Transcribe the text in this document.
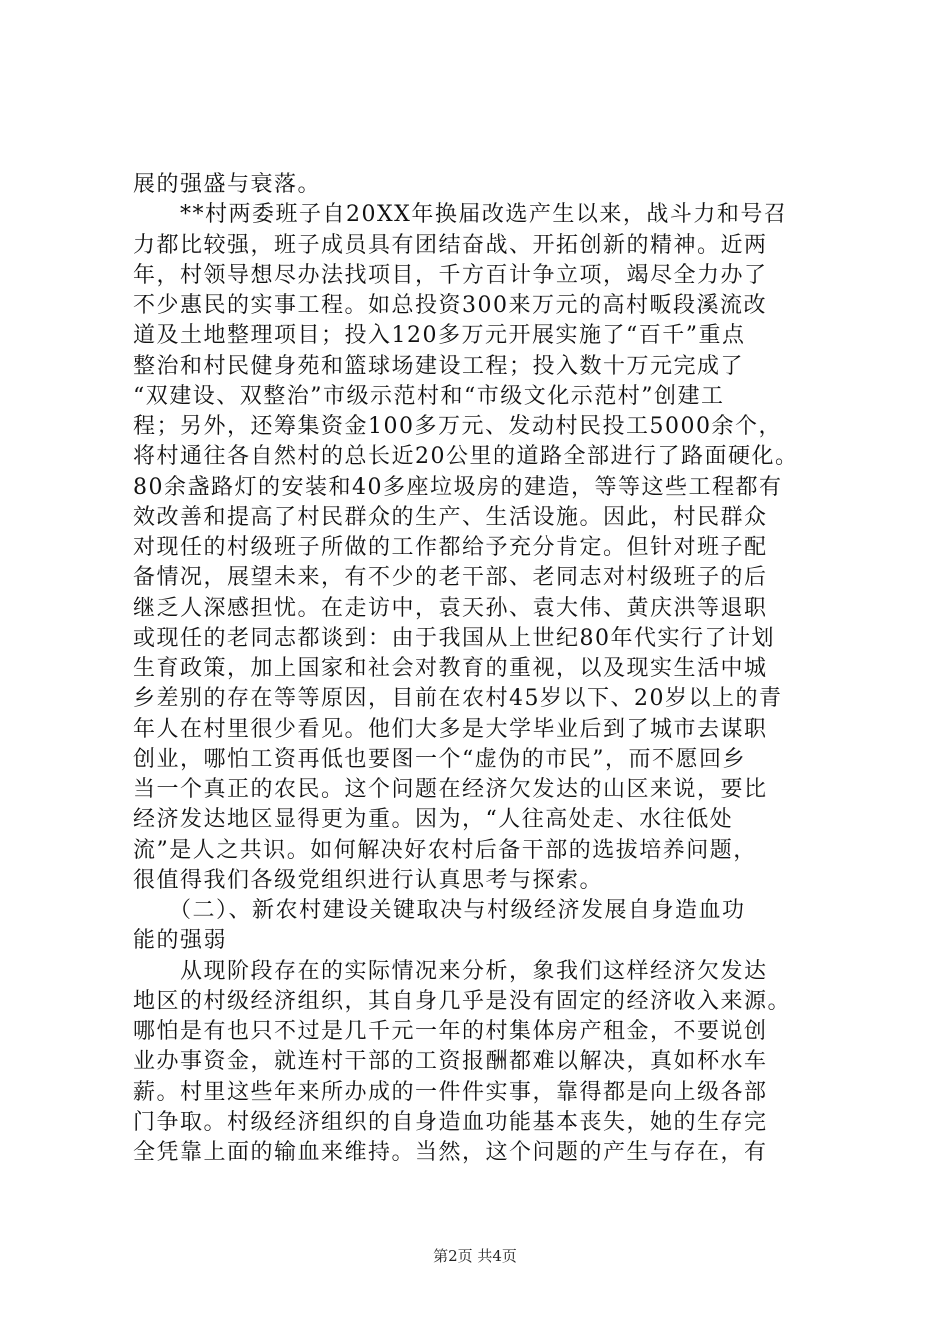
展的强盛与衰落。
　　**村两委班子自20XX年换届改选产生以来，战斗力和号召
力都比较强，班子成员具有团结奋战、开拓创新的精神。近两
年，村领导想尽办法找项目，千方百计争立项，竭尽全力办了
不少惠民的实事工程。如总投资300来万元的高村畈段溪流改
道及土地整理项目；投入120多万元开展实施了“百千”重点
整治和村民健身苑和篮球场建设工程；投入数十万元完成了
“双建设、双整治”市级示范村和“市级文化示范村”创建工
程；另外，还筹集资金100多万元、发动村民投工5000余个，
将村通往各自然村的总长近20公里的道路全部进行了路面硬化。
80余盏路灯的安装和40多座垃圾房的建造，等等这些工程都有
效改善和提高了村民群众的生产、生活设施。因此，村民群众
对现任的村级班子所做的工作都给予充分肯定。但针对班子配
备情况，展望未来，有不少的老干部、老同志对村级班子的后
继乏人深感担忧。在走访中，袁天孙、袁大伟、黄庆洪等退职
或现任的老同志都谈到：由于我国从上世纪80年代实行了计划
生育政策，加上国家和社会对教育的重视，以及现实生活中城
乡差别的存在等等原因，目前在农村45岁以下、20岁以上的青
年人在村里很少看见。他们大多是大学毕业后到了城市去谋职
创业，哪怕工资再低也要图一个“虚伪的市民”，而不愿回乡
当一个真正的农民。这个问题在经济欠发达的山区来说，要比
经济发达地区显得更为重。因为，“人往高处走、水往低处
流”是人之共识。如何解决好农村后备干部的选拔培养问题，
很值得我们各级党组织进行认真思考与探索。
　　（二）、新农村建设关键取决与村级经济发展自身造血功
能的强弱
　　从现阶段存在的实际情况来分析，象我们这样经济欠发达
地区的村级经济组织，其自身几乎是没有固定的经济收入来源。
哪怕是有也只不过是几千元一年的村集体房产租金，不要说创
业办事资金，就连村干部的工资报酬都难以解决，真如杯水车
薪。村里这些年来所办成的一件件实事，靠得都是向上级各部
门争取。村级经济组织的自身造血功能基本丧失，她的生存完
全凭靠上面的输血来维持。当然，这个问题的产生与存在，有
第2页 共4页
